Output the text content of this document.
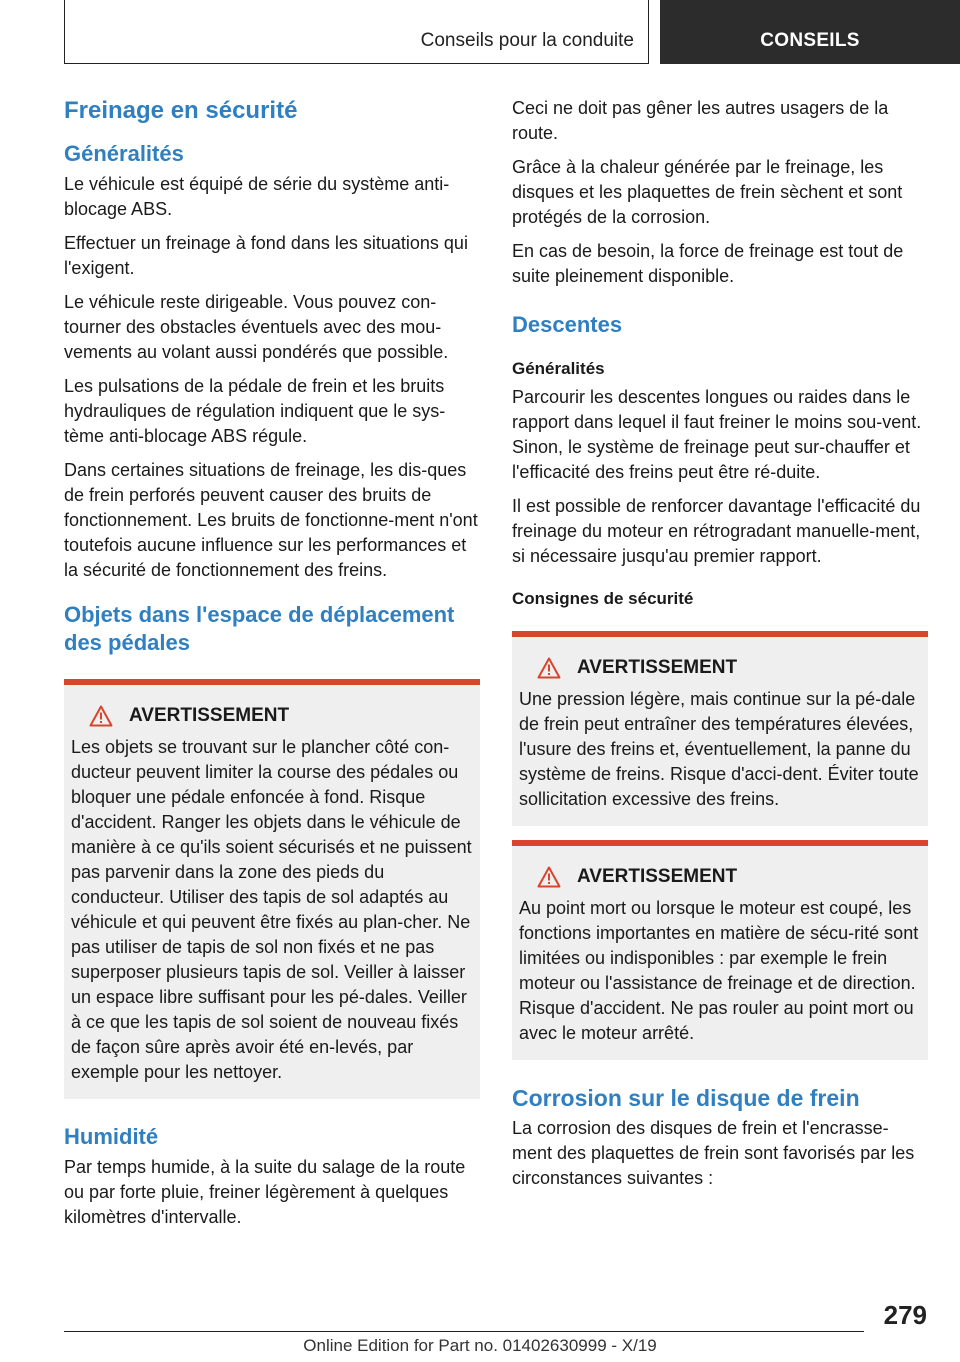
Conseils pour la conduite	CONSEILS
Freinage en sécurité
Généralités

Le véhicule est équipé de série du système anti-blocage ABS.

Effectuer un freinage à fond dans les situations qui l'exigent.

Le véhicule reste dirigeable. Vous pouvez con-tourner des obstacles éventuels avec des mou-vements au volant aussi pondérés que possible.

Les pulsations de la pédale de frein et les bruits hydrauliques de régulation indiquent que le sys-tème anti-blocage ABS régule.

Dans certaines situations de freinage, les dis-ques de frein perforés peuvent causer des bruits de fonctionnement. Les bruits de fonctionne-ment n'ont toutefois aucune influence sur les performances et la sécurité de fonctionnement des freins.

Objets dans l'espace de déplacement des pédales
AVERTISSEMENT

Les objets se trouvant sur le plancher côté con-ducteur peuvent limiter la course des pédales ou bloquer une pédale enfoncée à fond. Risque d'accident. Ranger les objets dans le véhicule de manière à ce qu'ils soient sécurisés et ne puissent pas parvenir dans la zone des pieds du conducteur. Utiliser des tapis de sol adaptés au véhicule et qui peuvent être fixés au plan-cher. Ne pas utiliser de tapis de sol non fixés et ne pas superposer plusieurs tapis de sol. Veiller à laisser un espace libre suffisant pour les pé-dales. Veiller à ce que les tapis de sol soient de nouveau fixés de façon sûre après avoir été en-levés, par exemple pour les nettoyer.

Humidité

Par temps humide, à la suite du salage de la route ou par forte pluie, freiner légèrement à quelques kilomètres d'intervalle.

Ceci ne doit pas gêner les autres usagers de la route.

Grâce à la chaleur générée par le freinage, les disques et les plaquettes de frein sèchent et sont protégés de la corrosion.

En cas de besoin, la force de freinage est tout de suite pleinement disponible.

Descentes
Généralités

Parcourir les descentes longues ou raides dans le rapport dans lequel il faut freiner le moins sou-vent. Sinon, le système de freinage peut sur-chauffer et l'efficacité des freins peut être ré-duite.

Il est possible de renforcer davantage l'efficacité du freinage du moteur en rétrogradant manuelle-ment, si nécessaire jusqu'au premier rapport.

Consignes de sécurité
AVERTISSEMENT

Une pression légère, mais continue sur la pé-dale de frein peut entraîner des températures élevées, l'usure des freins et, éventuellement, la panne du système de freins. Risque d'acci-dent. Éviter toute sollicitation excessive des freins.

AVERTISSEMENT

Au point mort ou lorsque le moteur est coupé, les fonctions importantes en matière de sécu-rité sont limitées ou indisponibles : par exemple le frein moteur ou l'assistance de freinage et de direction. Risque d'accident. Ne pas rouler au point mort ou avec le moteur arrêté.

Corrosion sur le disque de frein

La corrosion des disques de frein et l'encrasse-ment des plaquettes de frein sont favorisés par les circonstances suivantes :

279
Online Edition for Part no. 01402630999 - X/19
